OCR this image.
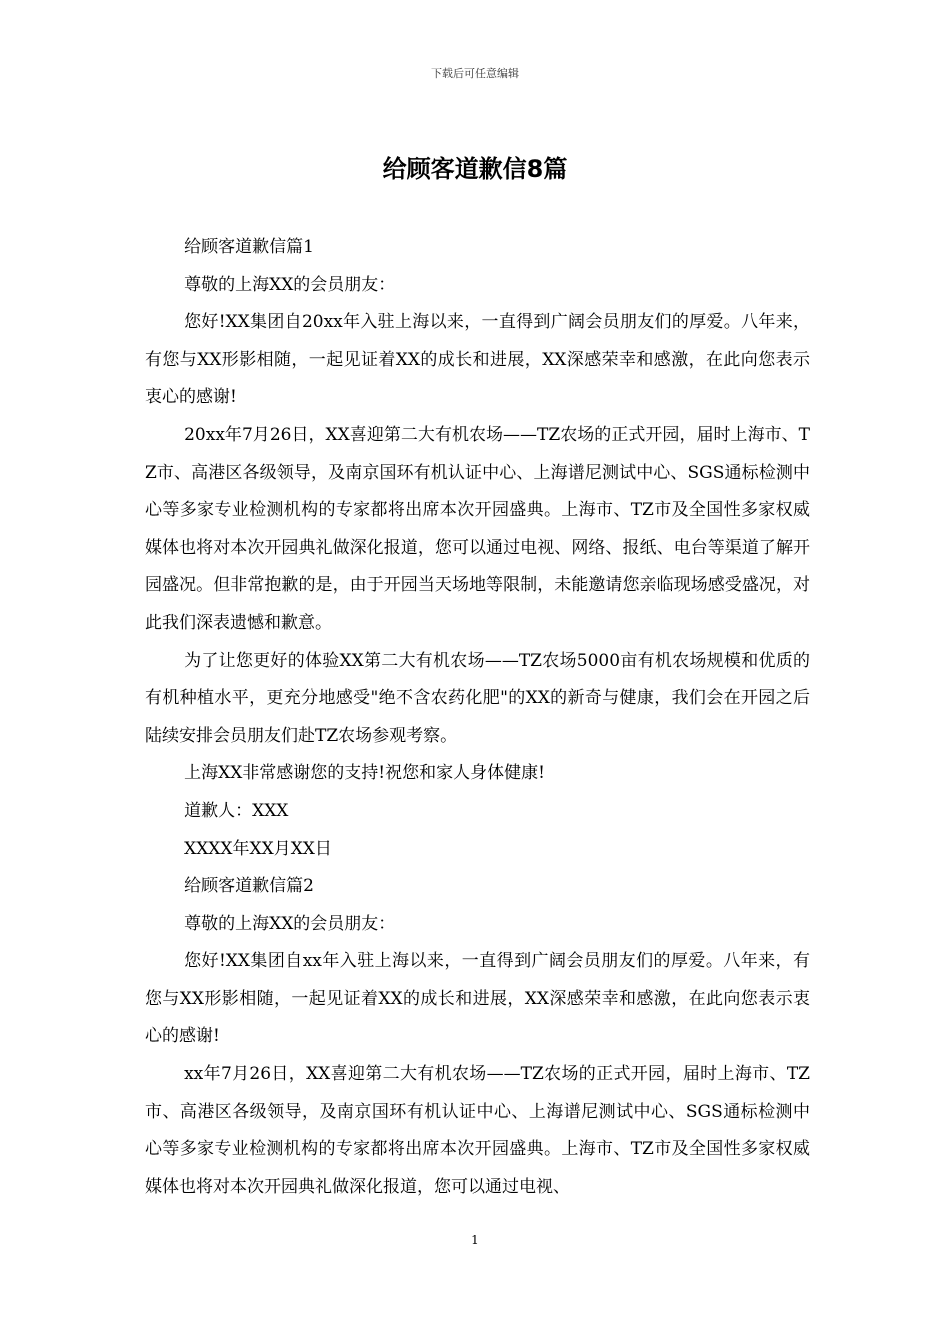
下载后可任意编辑
给顾客道歉信8篇

给顾客道歉信篇1

尊敬的上海XX的会员朋友：

您好!XX集团自20xx年入驻上海以来，一直得到广阔会员朋友们的厚爱。八年来，有您与XX形影相随，一起见证着XX的成长和进展，XX深感荣幸和感激，在此向您表示衷心的感谢!

20xx年7月26日，XX喜迎第二大有机农场——TZ农场的正式开园，届时上海市、TZ市、高港区各级领导，及南京国环有机认证中心、上海谱尼测试中心、SGS通标检测中心等多家专业检测机构的专家都将出席本次开园盛典。上海市、TZ市及全国性多家权威媒体也将对本次开园典礼做深化报道，您可以通过电视、网络、报纸、电台等渠道了解开园盛况。但非常抱歉的是，由于开园当天场地等限制，未能邀请您亲临现场感受盛况，对此我们深表遗憾和歉意。

为了让您更好的体验XX第二大有机农场——TZ农场5000亩有机农场规模和优质的有机种植水平，更充分地感受"绝不含农药化肥"的XX的新奇与健康，我们会在开园之后陆续安排会员朋友们赴TZ农场参观考察。

上海XX非常感谢您的支持!祝您和家人身体健康!

道歉人：XXX

XXXX年XX月XX日

给顾客道歉信篇2

尊敬的上海XX的会员朋友：

您好!XX集团自xx年入驻上海以来，一直得到广阔会员朋友们的厚爱。八年来，有您与XX形影相随，一起见证着XX的成长和进展，XX深感荣幸和感激，在此向您表示衷心的感谢!

xx年7月26日，XX喜迎第二大有机农场——TZ农场的正式开园，届时上海市、TZ市、高港区各级领导，及南京国环有机认证中心、上海谱尼测试中心、SGS通标检测中心等多家专业检测机构的专家都将出席本次开园盛典。上海市、TZ市及全国性多家权威媒体也将对本次开园典礼做深化报道，您可以通过电视、

1
